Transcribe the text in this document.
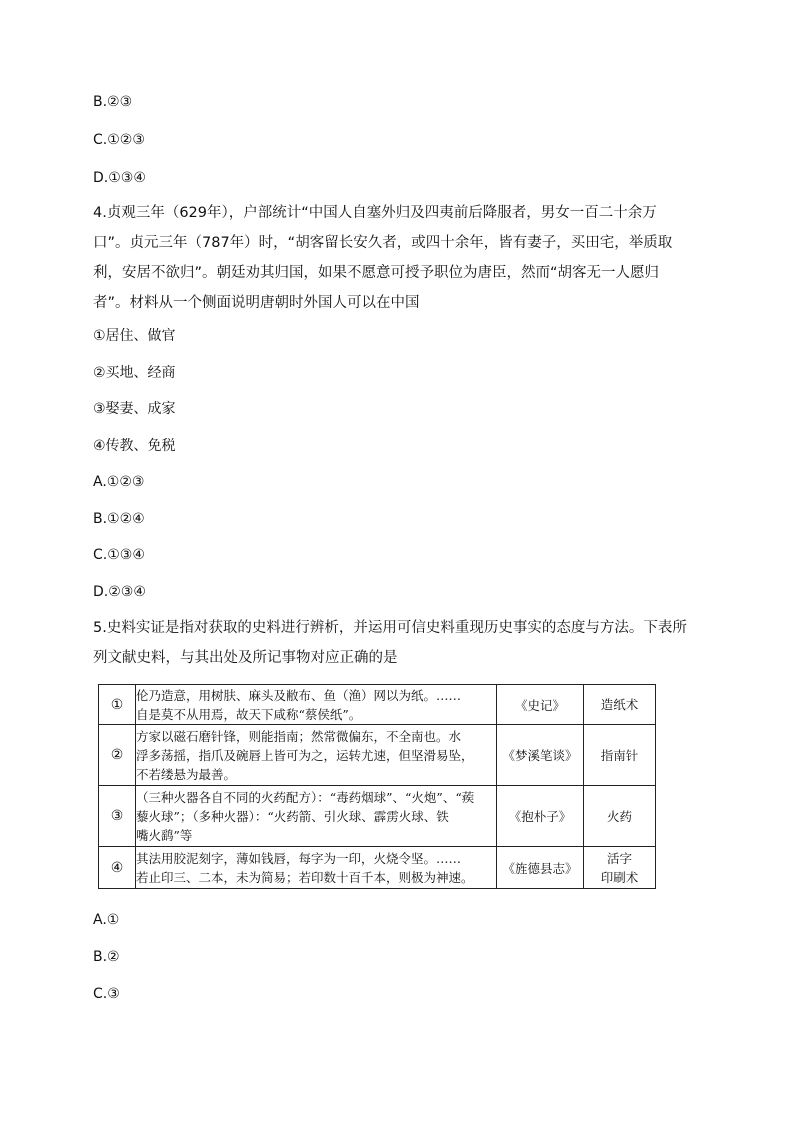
B.②③
C.①②③
D.①③④

4.贞观三年（629年），户部统计“中国人自塞外归及四夷前后降服者，男女一百二十余万

口”。贞元三年（787年）时，“胡客留长安久者，或四十余年，皆有妻子，买田宅，举质取

利，安居不欲归”。朝廷劝其归国，如果不愿意可授予职位为唐臣，然而“胡客无一人愿归

者”。材料从一个侧面说明唐朝时外国人可以在中国

①居住、做官
②买地、经商
③娶妻、成家
④传教、免税
A.①②③
B.①②④
C.①③④
D.②③④

5.史料实证是指对获取的史料进行辨析，并运用可信史料重现历史事实的态度与方法。下表所

列文献史料，与其出处及所记事物对应正确的是

①	伦乃造意，用树肤、麻头及敝布、鱼（渔）网以为纸。……
自是莫不从用焉，故天下咸称“蔡侯纸”。	《史记》	造纸术

②	方家以磁石磨针锋，则能指南；然常微偏东，不全南也。水
浮多荡摇，指爪及碗唇上皆可为之，运转尤速，但坚滑易坠，
不若缕悬为最善。	《梦溪笔谈》	指南针

③	（三种火器各自不同的火药配方）：“毒药烟球”、“火炮”、“蒺
藜火球”；（多种火器）：“火药箭、引火球、霹雳火球、铁
嘴火鹞”等	《抱朴子》	火药

④	其法用胶泥刻字，薄如钱唇，每字为一印，火烧令坚。……
若止印三、二本，未为简易；若印数十百千本，则极为神速。	《旌德县志》	活字
印刷术
A.①
B.②
C.③
